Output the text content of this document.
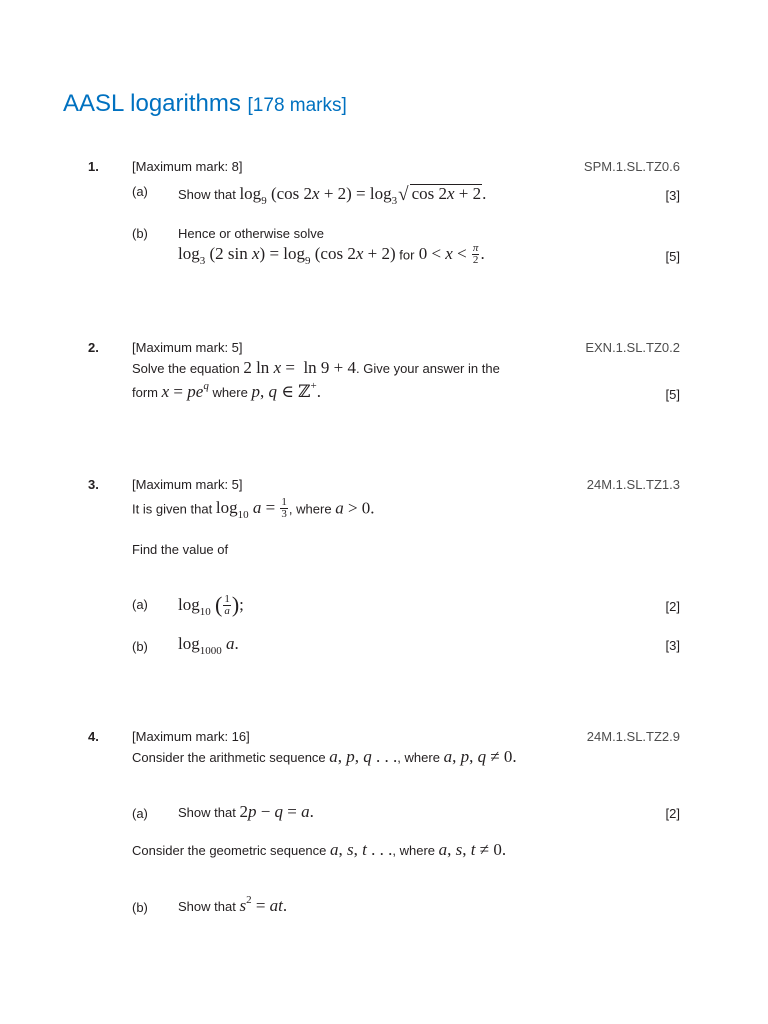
AASL logarithms [178 marks]
1.	[Maximum mark: 8]	SPM.1.SL.TZ0.6
(a) Show that $\log_9 (\cos$ $2x + 2) = \log_3√$ cos 2x + 2.	[3]
(b) Hence or otherwise solve
$\log_3 (2$ $\sin x) = \log_9 (\cos$ 2x + 2) for $0 < x < \frac{\pi}{2}$ .	[5]
2.	[Maximum mark: 5]	EXN.1.SL.TZ0.2
Solve the equation 2 ln x =  ln 9 + 4. Give your answer in the
form $x = pe^q$ where p, q ∈ ℤ+.	[5]
3.	[Maximum mark: 5]	24M.1.SL.TZ1.3
It is given that $\log_{10} a = \frac{1}{3}$ , where a > 0.
Find the value of
(a) $\log_{10}$ ( $\frac{1}{a}$ );	[2]
(b) $\log_{1000} a$.	[3]
4.	[Maximum mark: 16]	24M.1.SL.TZ2.9
Consider the arithmetic sequence a, p, q . . ., where a, p, q ≠ 0.
(a) Show that 2p − q = a.	[2]
Consider the geometric sequence a, s, t . . ., where a, s, t ≠ 0.
(b) Show that $s^2$ = at.
